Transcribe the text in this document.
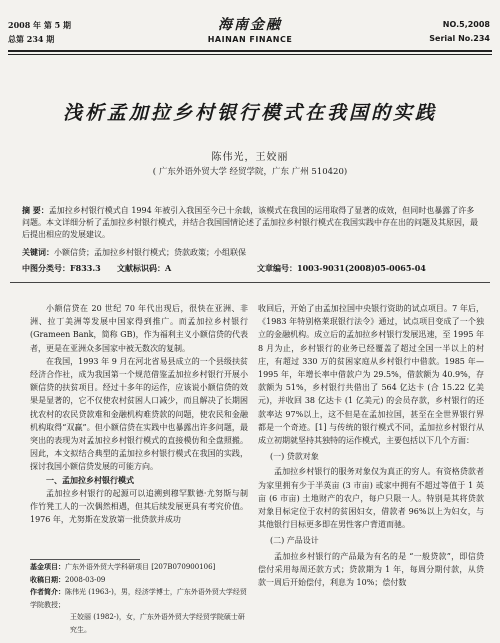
2008 年 第 5 期
总第 234 期
海南金融
HAINAN FINANCE
NO.5,2008
Serial No.234
浅析孟加拉乡村银行模式在我国的实践
陈伟光，王姣丽
( 广东外语外贸大学 经贸学院，广东 广州 510420)
摘 要：孟加拉乡村银行模式自 1994 年被引入我国至今已十余载，该模式在我国的运用取得了显著的成效，但同时也暴露了许多问题。本文详细分析了孟加拉乡村银行模式，并结合我国国情论述了孟加拉乡村银行模式在我国实践中存在出的问题及其原因，最后提出相应的发展建议。
关键词：小额信贷；孟加拉乡村银行模式；贷款政策；小组联保
中图分类号：F833.3 文献标识码：A	文章编号：1003-9031(2008)05-0065-04

小额信贷在 20 世纪 70 年代出现后，很快在亚洲、非洲、拉丁美洲等发展中国家得到推广。而孟加拉乡村银行(Grameen Bank，简称 GB)，作为福利主义小额信贷的代表者，更是在亚洲众多国家中被无数次的复制。

在我国，1993 年 9 月在河北省易县成立的一个县级扶贫经济合作社，成为我国第一个规范借鉴孟加拉乡村银行开展小额信贷的扶贫项目。经过十多年的运作，应该说小额信贷的效果是显著的，它不仅使农村贫困人口减少，而且解决了长期困扰农村的农民贷款难和金融机构难贷款的问题，使农民和金融机构取得“双赢”。但小额信贷在实践中也暴露出许多问题，最突出的表现为对孟加拉乡村银行模式的直接模仿和全盘照搬。因此，本文拟结合典型的孟加拉乡村银行模式在我国的实践，探讨我国小额信贷发展的可能方向。

一、孟加拉乡村银行模式

孟加拉乡村银行的起源可以追溯到穆罕默德·尤努斯与制作竹凳工人的一次偶然相遇，但其后续发展更具有考究价值。1976 年，尤努斯在发放第一批贷款并成功

收回后，开始了由孟加拉国中央银行资助的试点项目。7 年后，《1983 年特别格莱珉银行法令》通过，试点项目变成了一个独立的金融机构。成立后的孟加拉乡村银行发展迅速，至 1995 年 8 月为止，乡村银行的业务已经覆盖了超过全国一半以上的村庄，有超过 330 万的贫困家庭从乡村银行中借款。1985 年—1995 年，年增长率中借款户为 29.5%，借款额为 40.9%，存款额为 51%，乡村银行共借出了 564 亿达卡 (合 15.22 亿美元)，并收回 38 亿达卡 (1 亿美元) 的会员存款，乡村银行的还款率达 97%以上，这不但是在孟加拉国，甚至在全世界银行界都是一个奇迹。[1] 与传统的银行模式不同，孟加拉乡村银行从成立初期就坚持其独特的运作模式，主要包括以下几个方面：

(一) 贷款对象

孟加拉乡村银行的服务对象仅为真正的穷人。有资格贷款者为家里拥有少于半英亩 (3 市亩) 或家中拥有不超过等值于 1 英亩 (6 市亩) 土地财产的农户，每户只限一人。特别是其将贷款对象目标定位于农村的贫困妇女，借款者 96%以上为妇女，与其他银行目标更多即在男性客户背道而驰。

(二) 产品设计

孟加拉乡村银行的产品最为有名的是 “一般贷款”，即信贷偿付采用每周还款方式；贷款期为 1 年，每周分期付款，从贷款一周后开始偿付，利息为 10%；偿付数

基金项目：广东外语外贸大学科研项目 [207B070900106]
收稿日期：2008-03-09
作者简介：陈伟光 (1963-)，男，经济学博士，广东外语外贸大学经贸学院教授；
王姣丽 (1982-)，女，广东外语外贸大学经贸学院硕士研究生。
